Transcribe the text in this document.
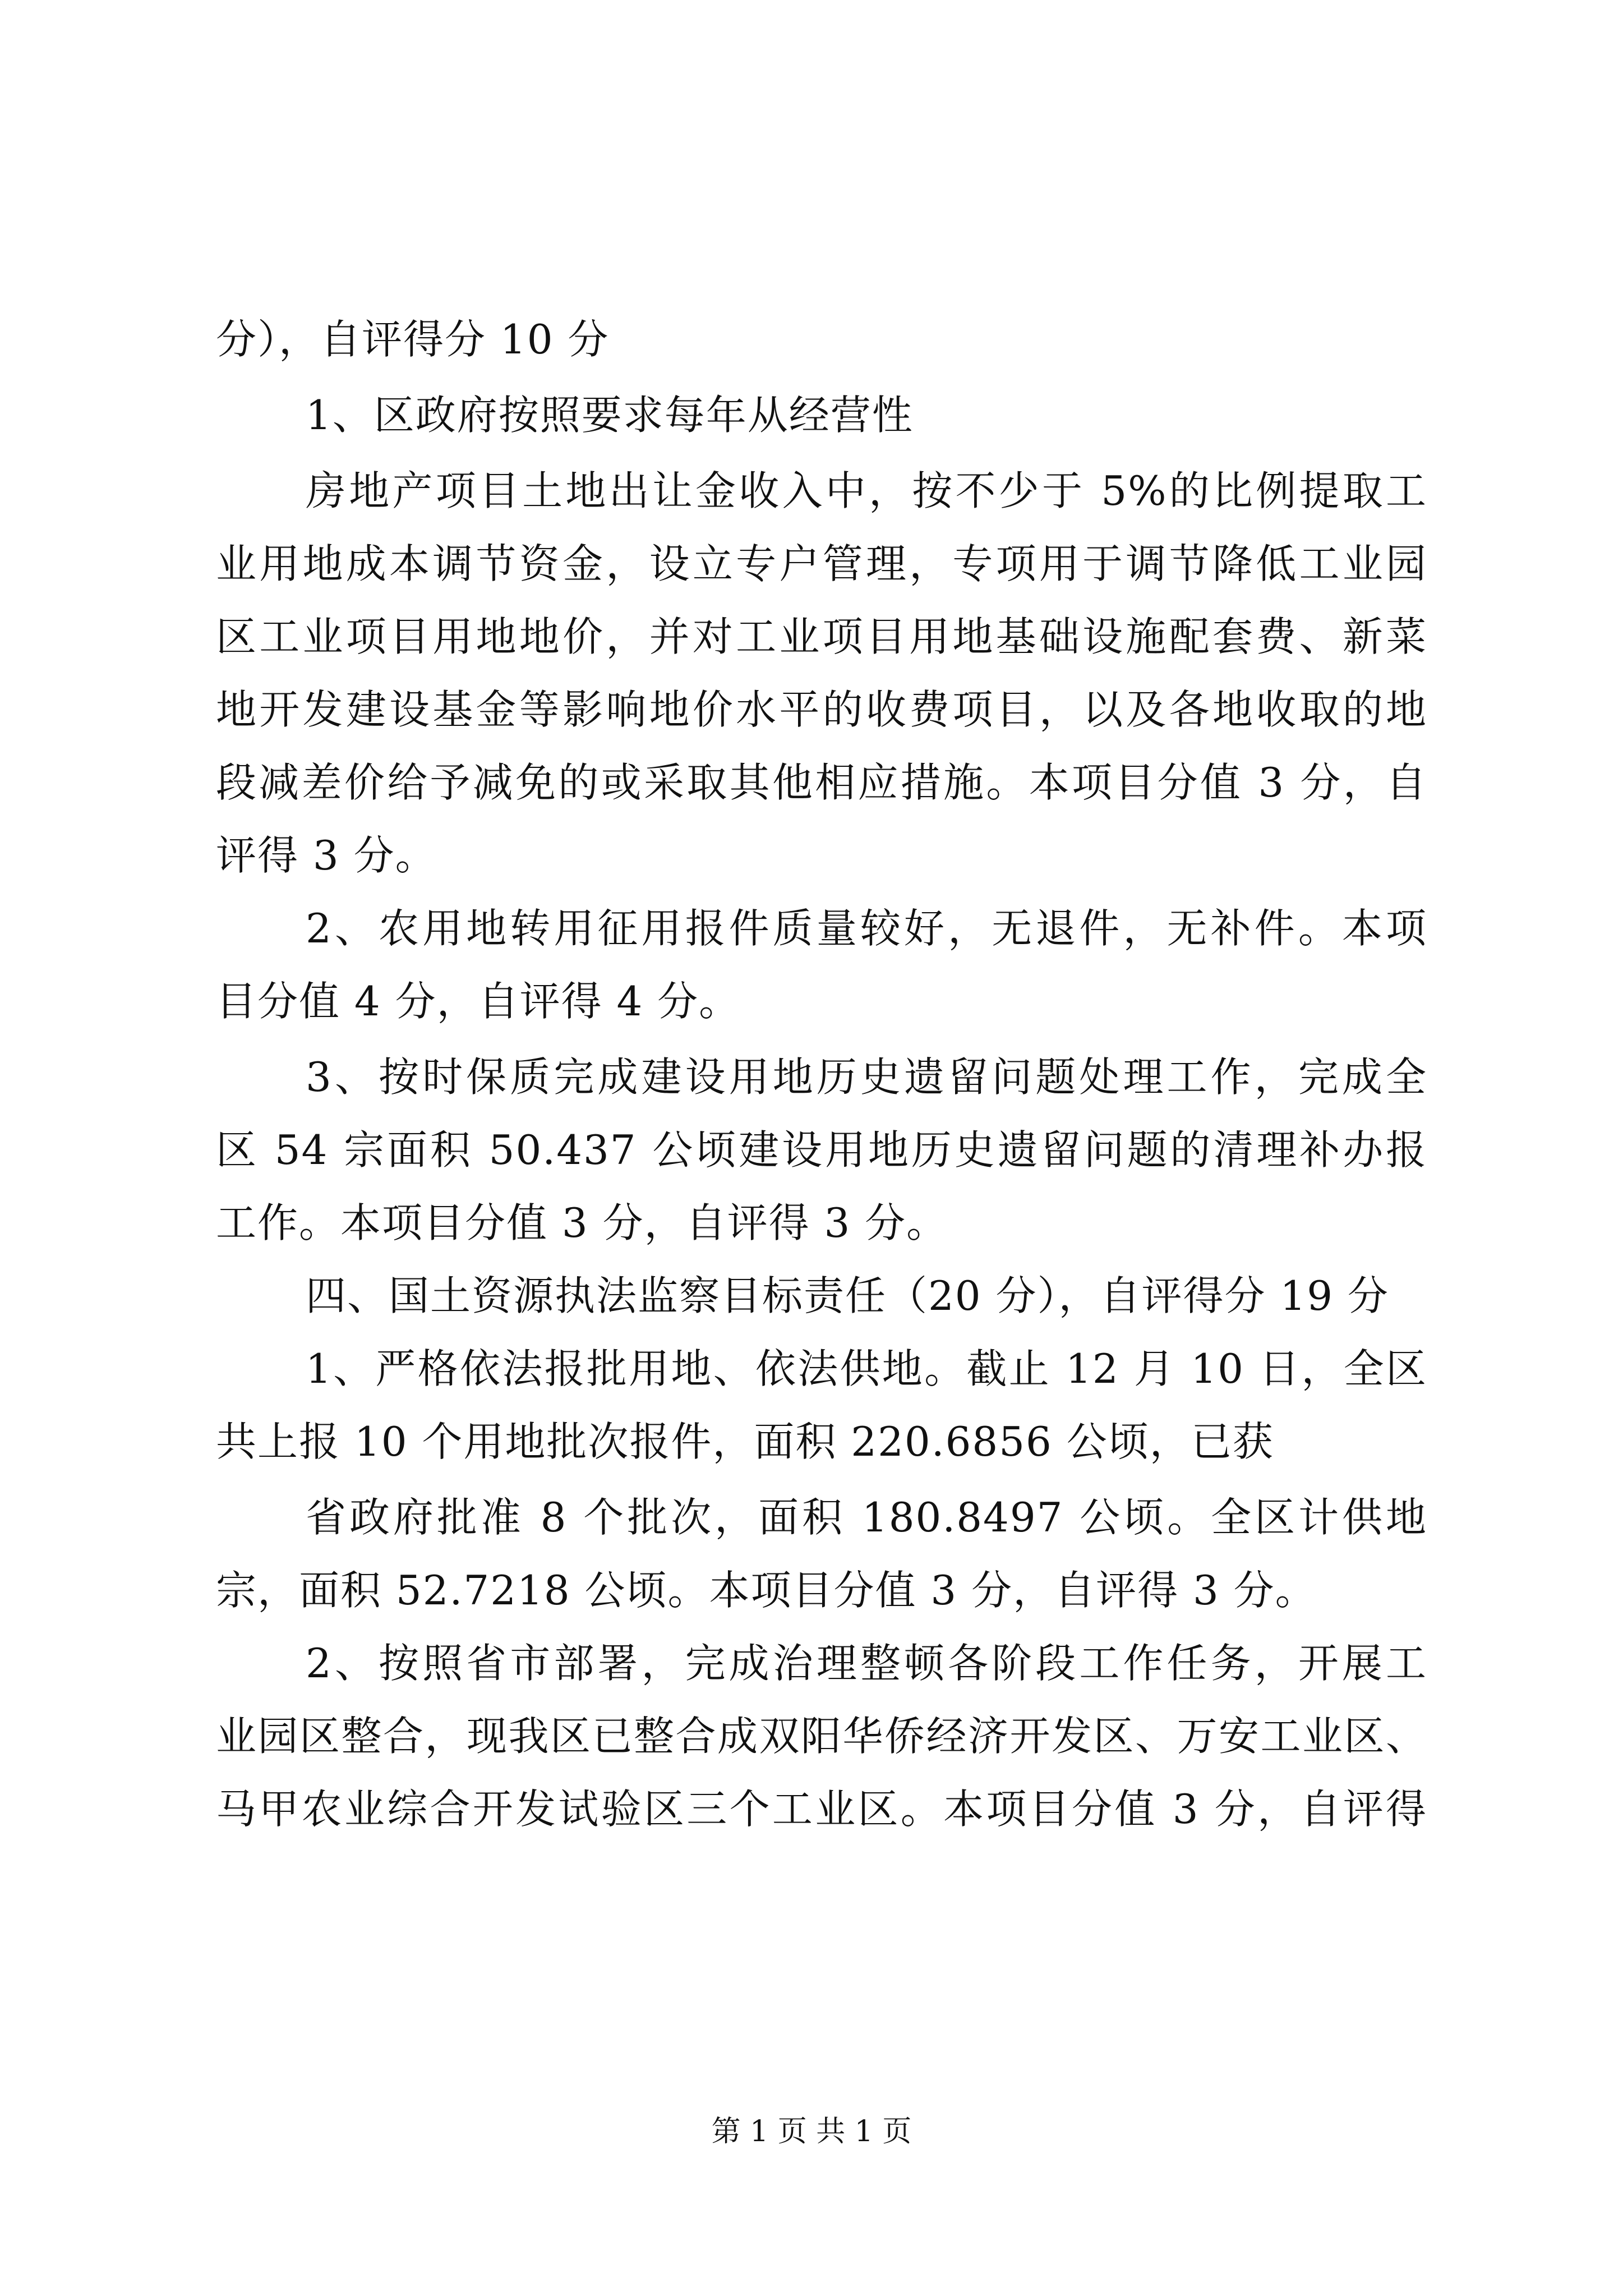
分），自评得分 10 分
1、区政府按照要求每年从经营性
房地产项目土地出让金收入中，按不少于 5%的比例提取工
业用地成本调节资金，设立专户管理，专项用于调节降低工业园
区工业项目用地地价，并对工业项目用地基础设施配套费、新菜
地开发建设基金等影响地价水平的收费项目，以及各地收取的地
段减差价给予减免的或采取其他相应措施。本项目分值 3 分，自
评得 3 分。
2、农用地转用征用报件质量较好，无退件，无补件。本项
目分值 4 分，自评得 4 分。
3、按时保质完成建设用地历史遗留问题处理工作，完成全
区 54 宗面积 50.437 公顷建设用地历史遗留问题的清理补办报
工作。本项目分值 3 分，自评得 3 分。
四、国土资源执法监察目标责任（20 分），自评得分 19 分
1、严格依法报批用地、依法供地。截止 12 月 10 日，全区
共上报 10 个用地批次报件，面积 220.6856 公顷，已获
省政府批准 8 个批次，面积 180.8497 公顷。全区计供地
宗，面积 52.7218 公顷。本项目分值 3 分，自评得 3 分。
2、按照省市部署，完成治理整顿各阶段工作任务，开展工
业园区整合，现我区已整合成双阳华侨经济开发区、万安工业区、
马甲农业综合开发试验区三个工业区。本项目分值 3 分，自评得
第 1 页 共 1 页
